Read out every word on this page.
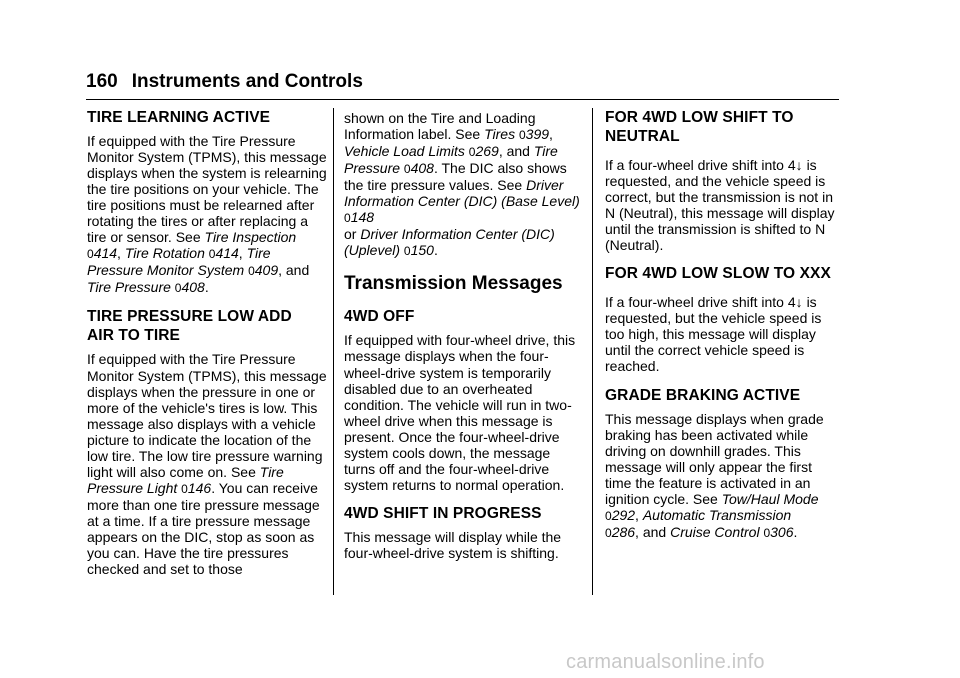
160 Instruments and Controls
TIRE LEARNING ACTIVE

If equipped with the Tire Pressure Monitor System (TPMS), this message displays when the system is relearning the tire positions on your vehicle. The tire positions must be relearned after rotating the tires or after replacing a tire or sensor. See Tire Inspection 0414, Tire Rotation 0414, Tire Pressure Monitor System 0409, and Tire Pressure 0408.

TIRE PRESSURE LOW ADD AIR TO TIRE

If equipped with the Tire Pressure Monitor System (TPMS), this message displays when the pressure in one or more of the vehicle's tires is low. This message also displays with a vehicle picture to indicate the location of the low tire. The low tire pressure warning light will also come on. See Tire Pressure Light 0146. You can receive more than one tire pressure message at a time. If a tire pressure message appears on the DIC, stop as soon as you can. Have the tire pressures checked and set to those

shown on the Tire and Loading Information label. See Tires 0399, Vehicle Load Limits 0269, and Tire Pressure 0408. The DIC also shows the tire pressure values. See Driver Information Center (DIC) (Base Level) 0148
or Driver Information Center (DIC) (Uplevel) 0150.

Transmission Messages
4WD OFF

If equipped with four-wheel drive, this message displays when the four-wheel-drive system is temporarily disabled due to an overheated condition. The vehicle will run in two-wheel drive when this message is present. Once the four-wheel-drive system cools down, the message turns off and the four-wheel-drive system returns to normal operation.

4WD SHIFT IN PROGRESS

This message will display while the four-wheel-drive system is shifting.

FOR 4WD LOW SHIFT TO NEUTRAL

If a four-wheel drive shift into 4↓ is requested, and the vehicle speed is correct, but the transmission is not in N (Neutral), this message will display until the transmission is shifted to N (Neutral).

FOR 4WD LOW SLOW TO XXX

If a four-wheel drive shift into 4↓ is requested, but the vehicle speed is too high, this message will display until the correct vehicle speed is reached.

GRADE BRAKING ACTIVE

This message displays when grade braking has been activated while driving on downhill grades. This message will only appear the first time the feature is activated in an ignition cycle. See Tow/Haul Mode
0292, Automatic Transmission
0286, and Cruise Control 0306.

carmanualsonline.info
